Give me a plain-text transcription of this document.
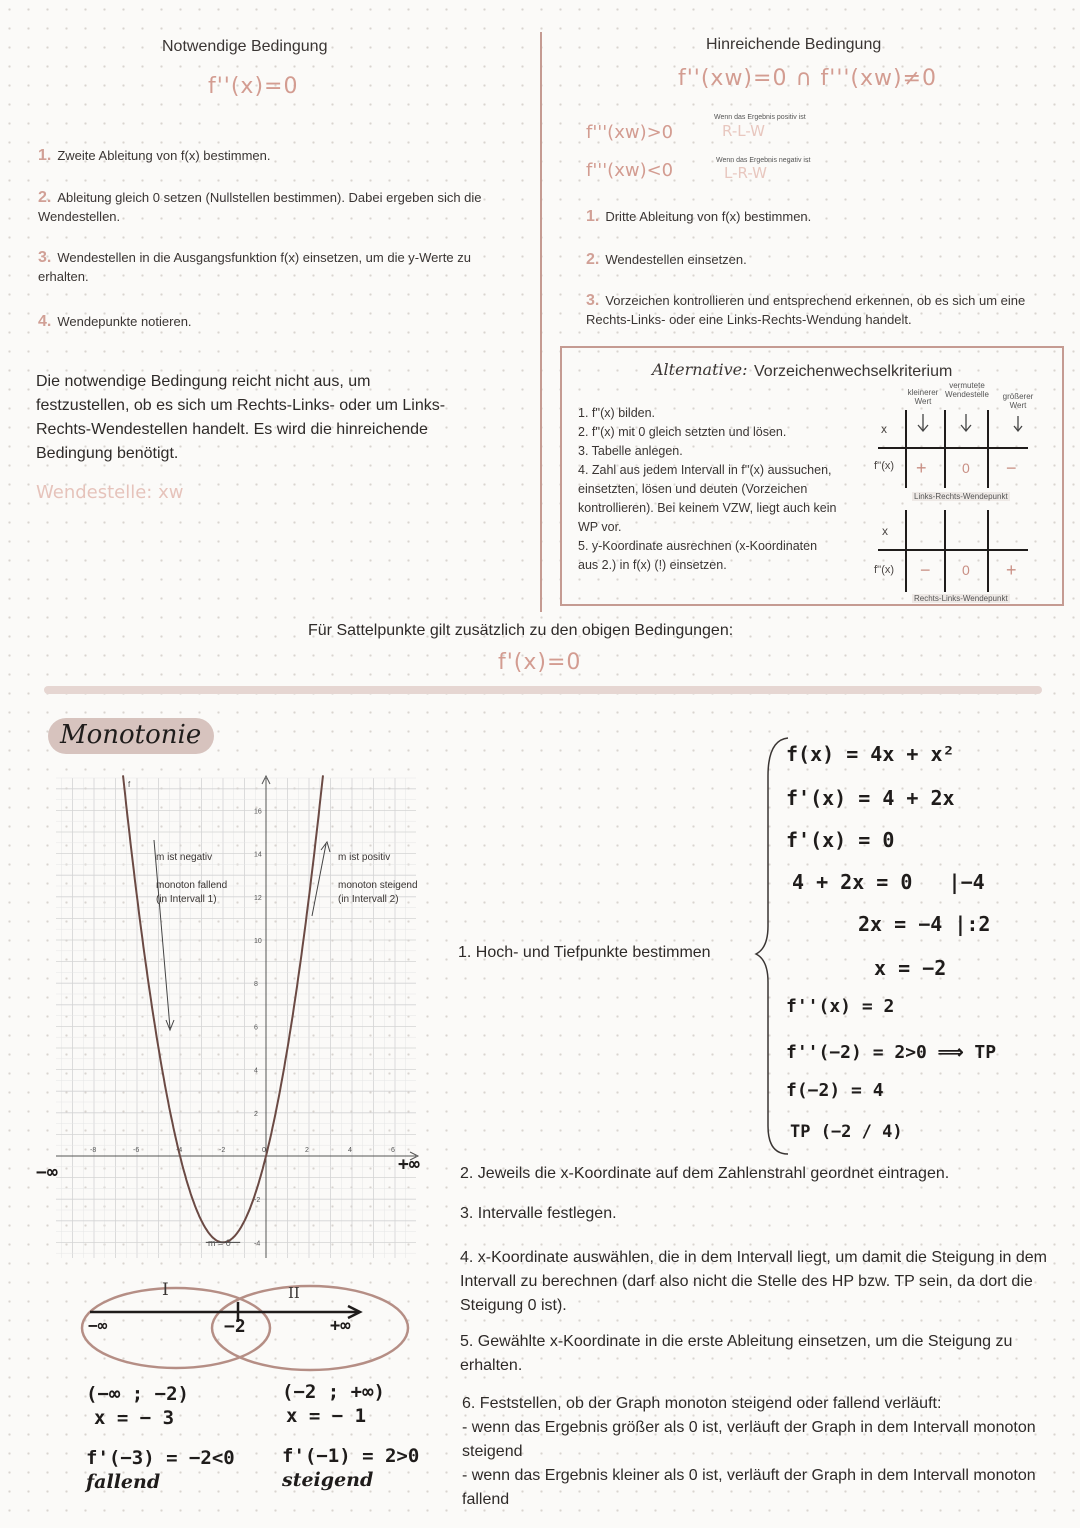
Notwendige Bedingung
f''(x)=0
1. Zweite Ableitung von f(x) bestimmen.
2. Ableitung gleich 0 setzen (Nullstellen bestimmen). Dabei ergeben sich die Wendestellen.
3. Wendestellen in die Ausgangsfunktion f(x) einsetzen, um die y-Werte zu erhalten.
4. Wendepunkte notieren.
Die notwendige Bedingung reicht nicht aus, um festzustellen, ob es sich um Rechts-Links- oder um Links-Rechts-Wendestellen handelt. Es wird die hinreichende Bedingung benötigt.
Wendestelle: xw
Hinreichende Bedingung
f''(xw)=0 ∩ f'''(xw)≠0
f'''(xw)>0
Wenn das Ergebnis positiv ist
R-L-W
f'''(xw)<0	Wenn das Ergebnis negativ ist
L-R-W
1. Dritte Ableitung von f(x) bestimmen.
2. Wendestellen einsetzen.
3. Vorzeichen kontrollieren und entsprechend erkennen, ob es sich um eine Rechts-Links- oder eine Links-Rechts-Wendung handelt.
Alternative: Vorzeichenwechselkriterium
1. f''(x) bilden.
2. f''(x) mit 0 gleich setzten und lösen.
3. Tabelle anlegen.
4. Zahl aus jedem Intervall in f''(x) aussuchen, einsetzten, lösen und deuten (Vorzeichen kontrollieren). Bei keinem VZW, liegt auch kein WP vor.
5. y-Koordinate ausrechnen (x-Koordinaten aus 2.) in f(x) (!) einsetzen.
kleinerer Wert
vermutete Wendestelle	größerer Wert
x
f''(x) +	0 −
Links-Rechts-Wendepunkt
x
f''(x) − 0 +
Rechts-Links-Wendepunkt
Für Sattelpunkte gilt zusätzlich zu den obigen Bedingungen:
f'(x)=0
Monotonie
-8	-6	-4	-2	0	2	4	6
16
14
12
10
8
6
4
2
-2
-4
f
m ist negativ
monoton fallend
(in Intervall 1)
m ist positiv
monoton steigend
(in Intervall 2)
m = 0
−∞	+∞
I	II
−∞	−2	+∞
(−∞ ; −2)
x = − 3
f'(−3) = −2<0
fallend
(−2 ; +∞)
x = − 1
f'(−1) = 2>0
steigend
1. Hoch- und Tiefpunkte bestimmen
f(x) = 4x + x²
f'(x) = 4 + 2x
f'(x) = 0
4 + 2x = 0   |−4
2x = −4 |:2
x = −2
f''(x) = 2
f''(−2) = 2>0 ⟹ TP
f(−2) = 4
TP (−2 / 4)
2. Jeweils die x-Koordinate auf dem Zahlenstrahl geordnet eintragen.
3. Intervalle festlegen.
4. x-Koordinate auswählen, die in dem Intervall liegt, um damit die Steigung in dem Intervall zu berechnen (darf also nicht die Stelle des HP bzw. TP sein, da dort die Steigung 0 ist).
5. Gewählte x-Koordinate in die erste Ableitung einsetzen, um die Steigung zu erhalten.
6. Feststellen, ob der Graph monoton steigend oder fallend verläuft:
- wenn das Ergebnis größer als 0 ist, verläuft der Graph in dem Intervall monoton steigend
- wenn das Ergebnis kleiner als 0 ist, verläuft der Graph in dem Intervall monoton fallend
